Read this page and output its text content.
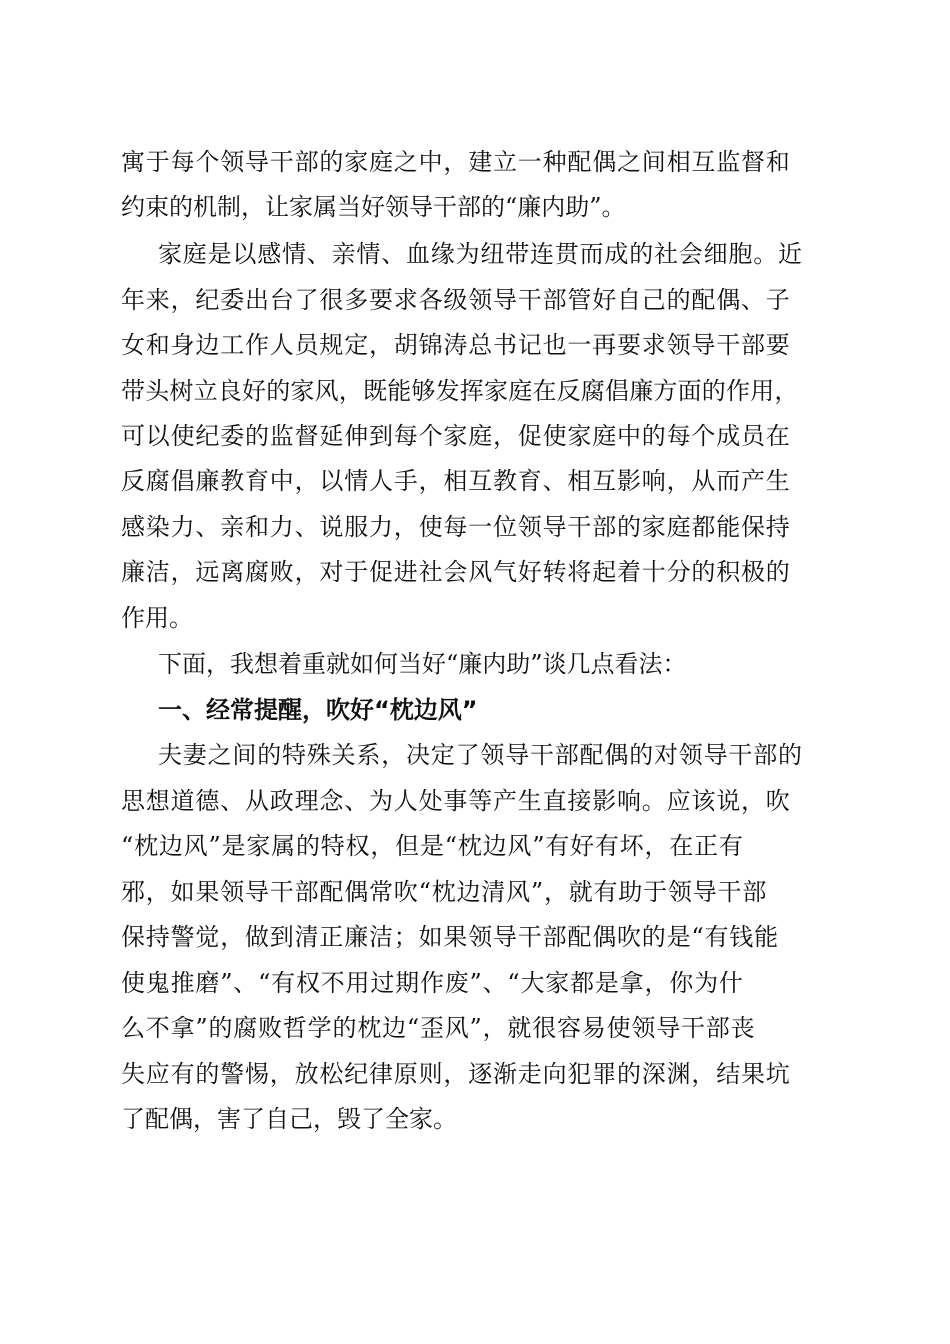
寓于每个领导干部的家庭之中，建立一种配偶之间相互监督和
约束的机制，让家属当好领导干部的“廉内助”。
家庭是以感情、亲情、血缘为纽带连贯而成的社会细胞。近
年来，纪委出台了很多要求各级领导干部管好自己的配偶、子
女和身边工作人员规定，胡锦涛总书记也一再要求领导干部要
带头树立良好的家风，既能够发挥家庭在反腐倡廉方面的作用，
可以使纪委的监督延伸到每个家庭，促使家庭中的每个成员在
反腐倡廉教育中，以情人手，相互教育、相互影响，从而产生
感染力、亲和力、说服力，使每一位领导干部的家庭都能保持
廉洁，远离腐败，对于促进社会风气好转将起着十分的积极的
作用。
下面，我想着重就如何当好“廉内助”谈几点看法：
一、经常提醒，吹好“枕边风”
夫妻之间的特殊关系，决定了领导干部配偶的对领导干部的
思想道德、从政理念、为人处事等产生直接影响。应该说，吹
“枕边风”是家属的特权，但是“枕边风”有好有坏，在正有
邪，如果领导干部配偶常吹“枕边清风”，就有助于领导干部
保持警觉，做到清正廉洁；如果领导干部配偶吹的是“有钱能
使鬼推磨”、“有权不用过期作废”、“大家都是拿，你为什
么不拿”的腐败哲学的枕边“歪风”，就很容易使领导干部丧
失应有的警惕，放松纪律原则，逐渐走向犯罪的深渊，结果坑
了配偶，害了自己，毁了全家。
